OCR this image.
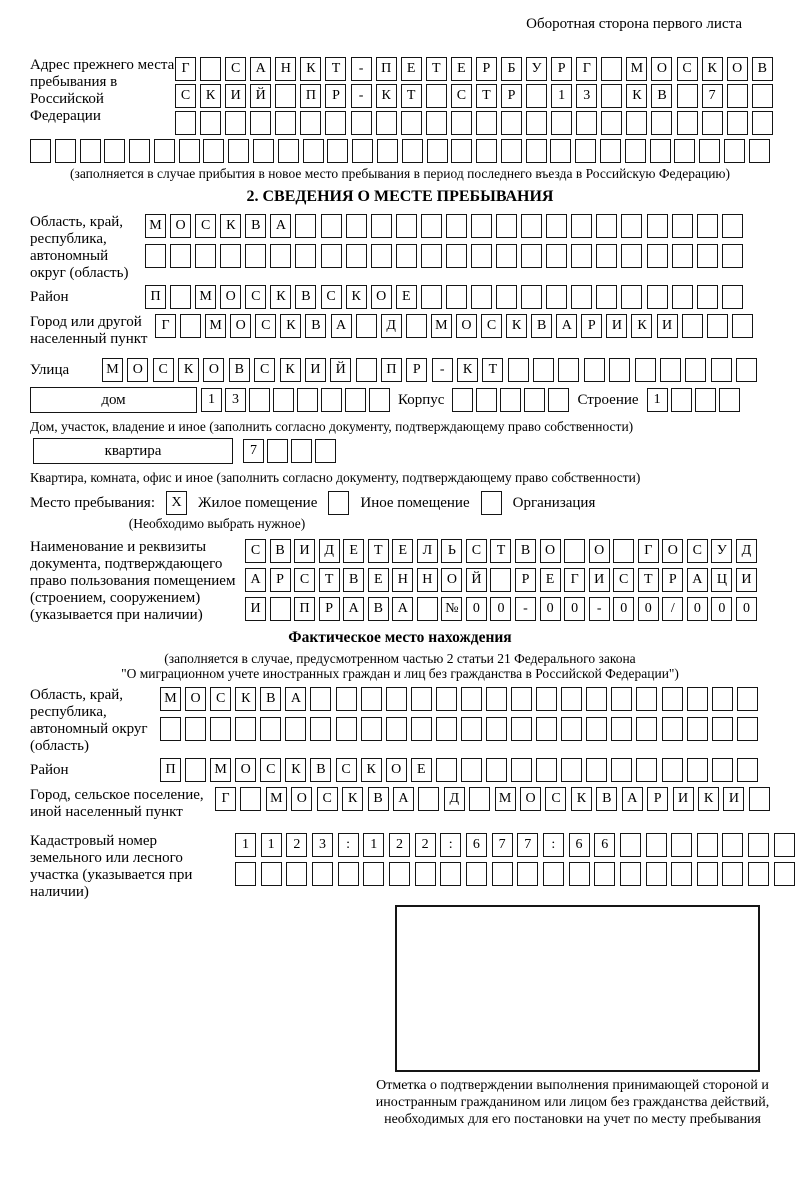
Оборотная сторона первого листа
Адрес прежнего места пребывания в Российской Федерации
Г	С	А	Н	К	Т	-	П	Е	Т	Е	Р	Б	У	Р	Г	М О	С	К	О	В
С	К	И	Й	П	Р	-	К	Т	С	Т	Р	1	3	К	В	7
(заполняется в случае прибытия в новое место пребывания в период последнего въезда в Российскую Федерацию)
2. СВЕДЕНИЯ О МЕСТЕ ПРЕБЫВАНИЯ
Область, край, республика, автономный округ (область)
М О	С	К	В	А
Район	П	М О	С	К	В	С	К	О	Е
Город или другой населенный пункт
Г	М О	С	К	В	А	Д	М О	С	К	В	А	Р	И	К	И
Улица	М	О	С	К	О	В	С	К	И	Й	П	Р	-	К	Т
дом	1	3	Корпус	Строение	1
Дом, участок, владение и иное (заполнить согласно документу, подтверждающему право собственности)
квартира	7
Квартира, комната, офис и иное (заполнить согласно документу, подтверждающему право собственности)
Место пребывания:	X	Жилое помещение	Иное помещение	Организация
(Необходимо выбрать нужное)
Наименование и реквизиты документа, подтверждающего право пользования помещением (строением, сооружением) (указывается при наличии)
С	В	И	Д	Е	Т	Е	Л	Ь	С	Т	В	О	О	Г	О	С	У	Д
А	Р	С	Т	В	Е	Н	Н	О	Й	Р	Е	Г	И	С	Т	Р	А	Ц	И
И	П	Р	А	В	А	№	0	0	-	0	0	-	0	0	/	0	0	0
Фактическое место нахождения
(заполняется в случае, предусмотренном частью 2 статьи 21 Федерального закона
"О миграционном учете иностранных граждан и лиц без гражданства в Российской Федерации")
Область, край, республика, автономный округ (область)
М О	С	К	В	А
Район	П	М О	С	К	В	С	К	О	Е
Город, сельское поселение, иной населенный пункт
Г	М	О	С	К	В	А	Д	М	О	С	К	В	А	Р	И	К	И
Кадастровый номер земельного или лесного участка (указывается при наличии)
1	1	2	3	:	1	2	2	:	6	7	7	:	6	6
Отметка о подтверждении выполнения принимающей стороной и иностранным гражданином или лицом без гражданства действий, необходимых для его постановки на учет по месту пребывания
